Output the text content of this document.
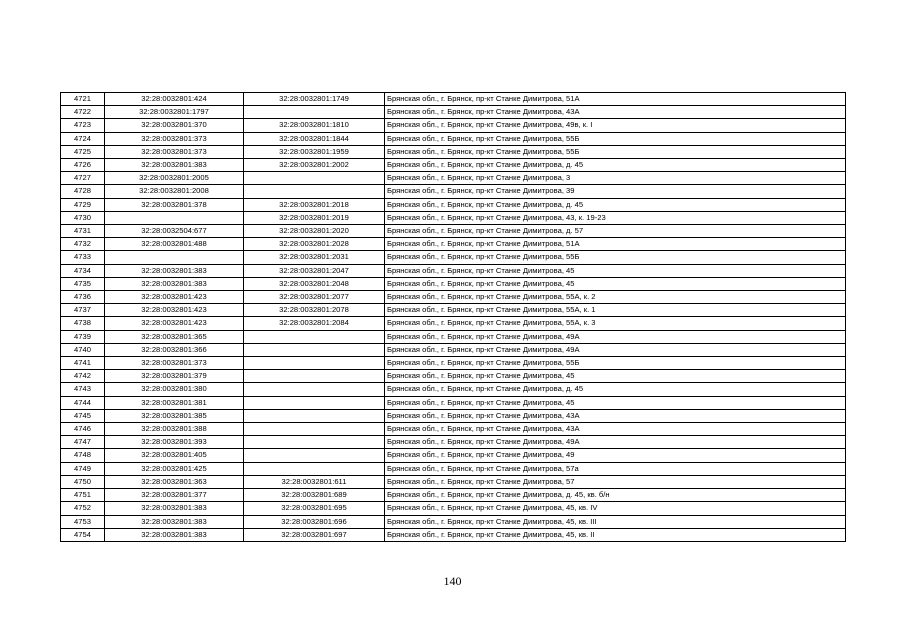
4721	32:28:0032801:424	32:28:0032801:1749	Брянская обл., г. Брянск, пр-кт Станке Димитрова, 51А
4722	32:28:0032801:1797		Брянская обл., г. Брянск, пр-кт Станке Димитрова, 43А
4723	32:28:0032801:370	32:28:0032801:1810	Брянская обл., г. Брянск, пр-кт Станке Димитрова, 49в, к. І
4724	32:28:0032801:373	32:28:0032801:1844	Брянская обл., г. Брянск, пр-кт Станке Димитрова, 55Б
4725	32:28:0032801:373	32:28:0032801:1959	Брянская обл., г. Брянск, пр-кт Станке Димитрова, 55Б
4726	32:28:0032801:383	32:28:0032801:2002	Брянская обл., г. Брянск, пр-кт Станке Димитрова, д. 45
4727	32:28:0032801:2005		Брянская обл., г. Брянск, пр-кт Станке Димитрова, 3
4728	32:28:0032801:2008		Брянская обл., г. Брянск, пр-кт Станке Димитрова, 39
4729	32:28:0032801:378	32:28:0032801:2018	Брянская обл., г. Брянск, пр-кт Станке Димитрова, д. 45
4730		32:28:0032801:2019	Брянская обл., г. Брянск, пр-кт Станке Димитрова, 43, к. 19-23
4731	32:28:0032504:677	32:28:0032801:2020	Брянская обл., г. Брянск, пр-кт Станке Димитрова, д. 57
4732	32:28:0032801:488	32:28:0032801:2028	Брянская обл., г. Брянск, пр-кт Станке Димитрова, 51А
4733		32:28:0032801:2031	Брянская обл., г. Брянск, пр-кт Станке Димитрова, 55Б
4734	32:28:0032801:383	32:28:0032801:2047	Брянская обл., г. Брянск, пр-кт Станке Димитрова, 45
4735	32:28:0032801:383	32:28:0032801:2048	Брянская обл., г. Брянск, пр-кт Станке Димитрова, 45
4736	32:28:0032801:423	32:28:0032801:2077	Брянская обл., г. Брянск, пр-кт Станке Димитрова, 55А, к. 2
4737	32:28:0032801:423	32:28:0032801:2078	Брянская обл., г. Брянск, пр-кт Станке Димитрова, 55А, к. 1
4738	32:28:0032801:423	32:28:0032801:2084	Брянская обл., г. Брянск, пр-кт Станке Димитрова, 55А, к. 3
4739	32:28:0032801:365		Брянская обл., г. Брянск, пр-кт Станке Димитрова, 49А
4740	32:28:0032801:366		Брянская обл., г. Брянск, пр-кт Станке Димитрова, 49А
4741	32:28:0032801:373		Брянская обл., г. Брянск, пр-кт Станке Димитрова, 55Б
4742	32:28:0032801:379		Брянская обл., г. Брянск, пр-кт Станке Димитрова, 45
4743	32:28:0032801:380		Брянская обл., г. Брянск, пр-кт Станке Димитрова, д. 45
4744	32:28:0032801:381		Брянская обл., г. Брянск, пр-кт Станке Димитрова, 45
4745	32:28:0032801:385		Брянская обл., г. Брянск, пр-кт Станке Димитрова, 43А
4746	32:28:0032801:388		Брянская обл., г. Брянск, пр-кт Станке Димитрова, 43А
4747	32:28:0032801:393		Брянская обл., г. Брянск, пр-кт Станке Димитрова, 49А
4748	32:28:0032801:405		Брянская обл., г. Брянск, пр-кт Станке Димитрова, 49
4749	32:28:0032801:425		Брянская обл., г. Брянск, пр-кт Станке Димитрова, 57а
4750	32:28:0032801:363	32:28:0032801:611	Брянская обл., г. Брянск, пр-кт Станке Димитрова, 57
4751	32:28:0032801:377	32:28:0032801:689	Брянская обл., г. Брянск, пр-кт Станке Димитрова, д. 45, кв. б/н
4752	32:28:0032801:383	32:28:0032801:695	Брянская обл., г. Брянск, пр-кт Станке Димитрова, 45, кв. IV
4753	32:28:0032801:383	32:28:0032801:696	Брянская обл., г. Брянск, пр-кт Станке Димитрова, 45, кв. III
4754	32:28:0032801:383	32:28:0032801:697	Брянская обл., г. Брянск, пр-кт Станке Димитрова, 45, кв. II
140
